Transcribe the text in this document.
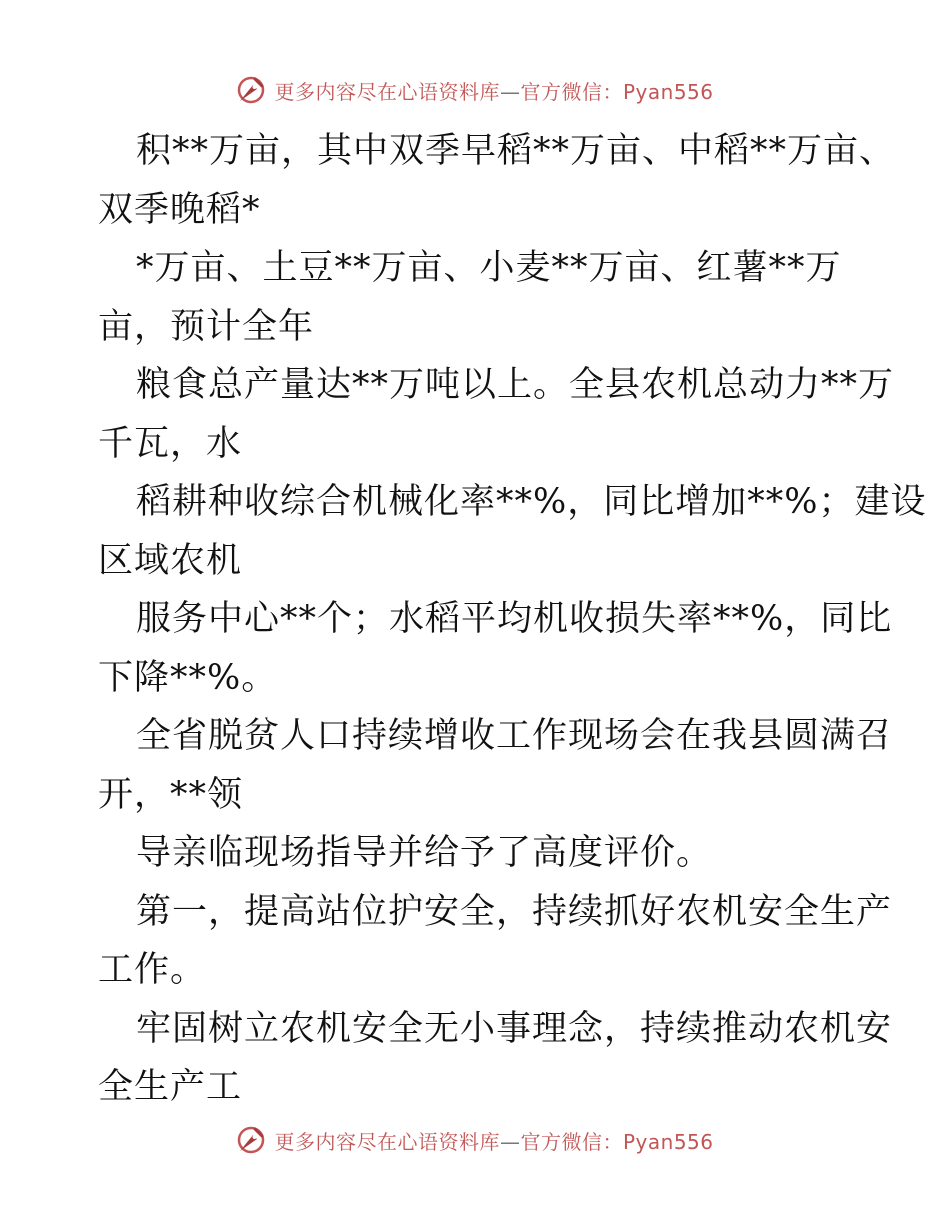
更多内容尽在心语资料库—官方微信：Pyan556

积**万亩，其中双季早稻**万亩、中稻**万亩、
双季晚稻*

*万亩、土豆**万亩、小麦**万亩、红薯**万
亩，预计全年

粮食总产量达**万吨以上。全县农机总动力**万
千瓦，水

稻耕种收综合机械化率**%，同比增加**%；建设
区域农机

服务中心**个；水稻平均机收损失率**%，同比
下降**%。

全省脱贫人口持续增收工作现场会在我县圆满召
开，**领

导亲临现场指导并给予了高度评价。

第一，提高站位护安全，持续抓好农机安全生产
工作。

牢固树立农机安全无小事理念，持续推动农机安
全生产工

更多内容尽在心语资料库—官方微信：Pyan556
